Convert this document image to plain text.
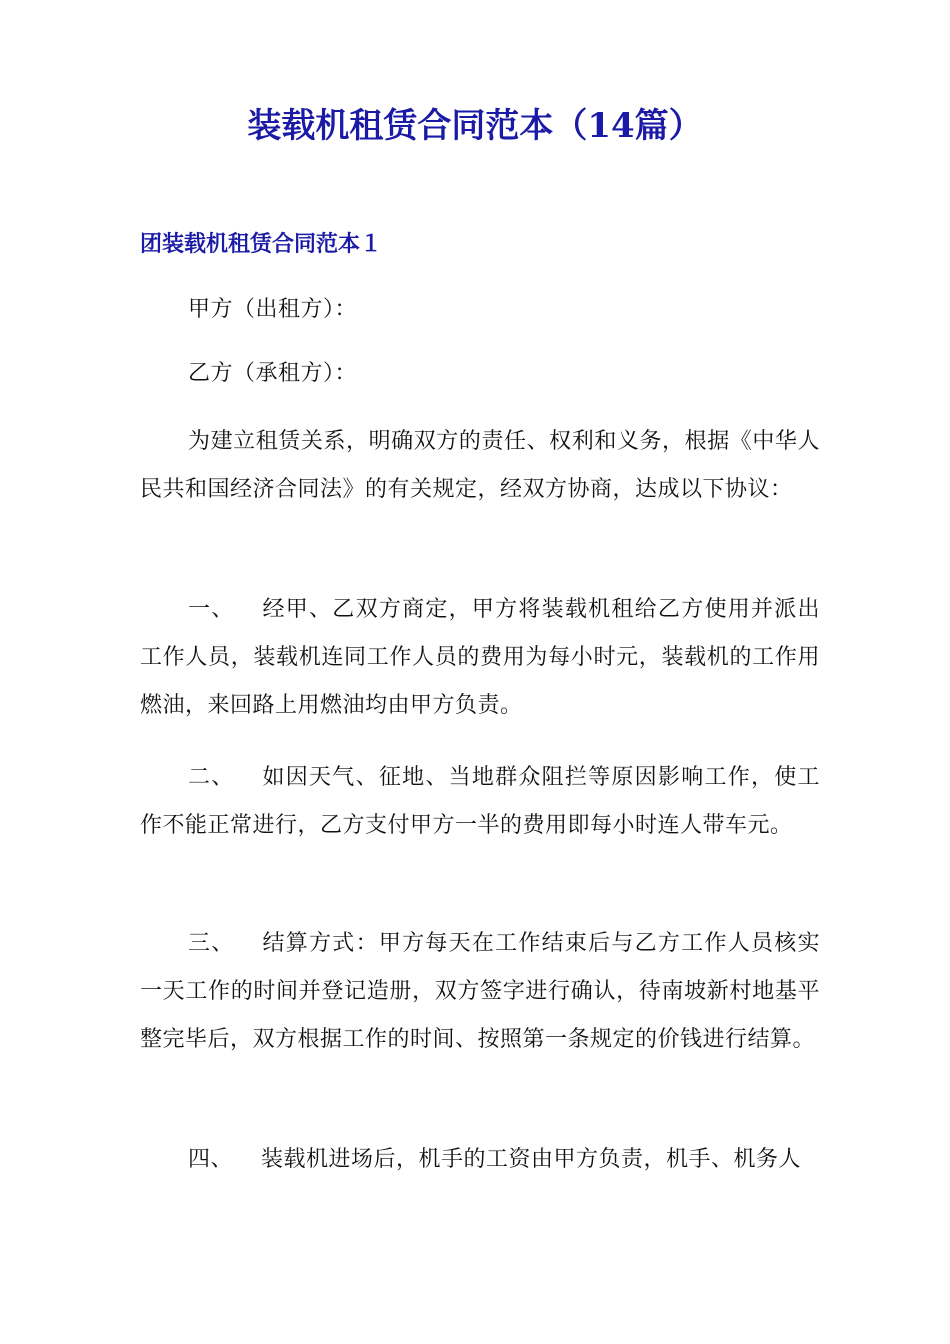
装载机租赁合同范本（14篇）
团装载机租赁合同范本１

甲方（出租方）：

乙方（承租方）：

为建立租赁关系，明确双方的责任、权利和义务，根据《中华人民共和国经济合同法》的有关规定，经双方协商，达成以下协议：

一、 经甲、乙双方商定，甲方将装载机租给乙方使用并派出工作人员，装载机连同工作人员的费用为每小时元，装载机的工作用燃油，来回路上用燃油均由甲方负责。

二、 如因天气、征地、当地群众阻拦等原因影响工作，使工作不能正常进行，乙方支付甲方一半的费用即每小时连人带车元。

三、 结算方式：甲方每天在工作结束后与乙方工作人员核实一天工作的时间并登记造册，双方签字进行确认，待南坡新村地基平整完毕后，双方根据工作的时间、按照第一条规定的价钱进行结算。

四、 装载机进场后，机手的工资由甲方负责，机手、机务人
